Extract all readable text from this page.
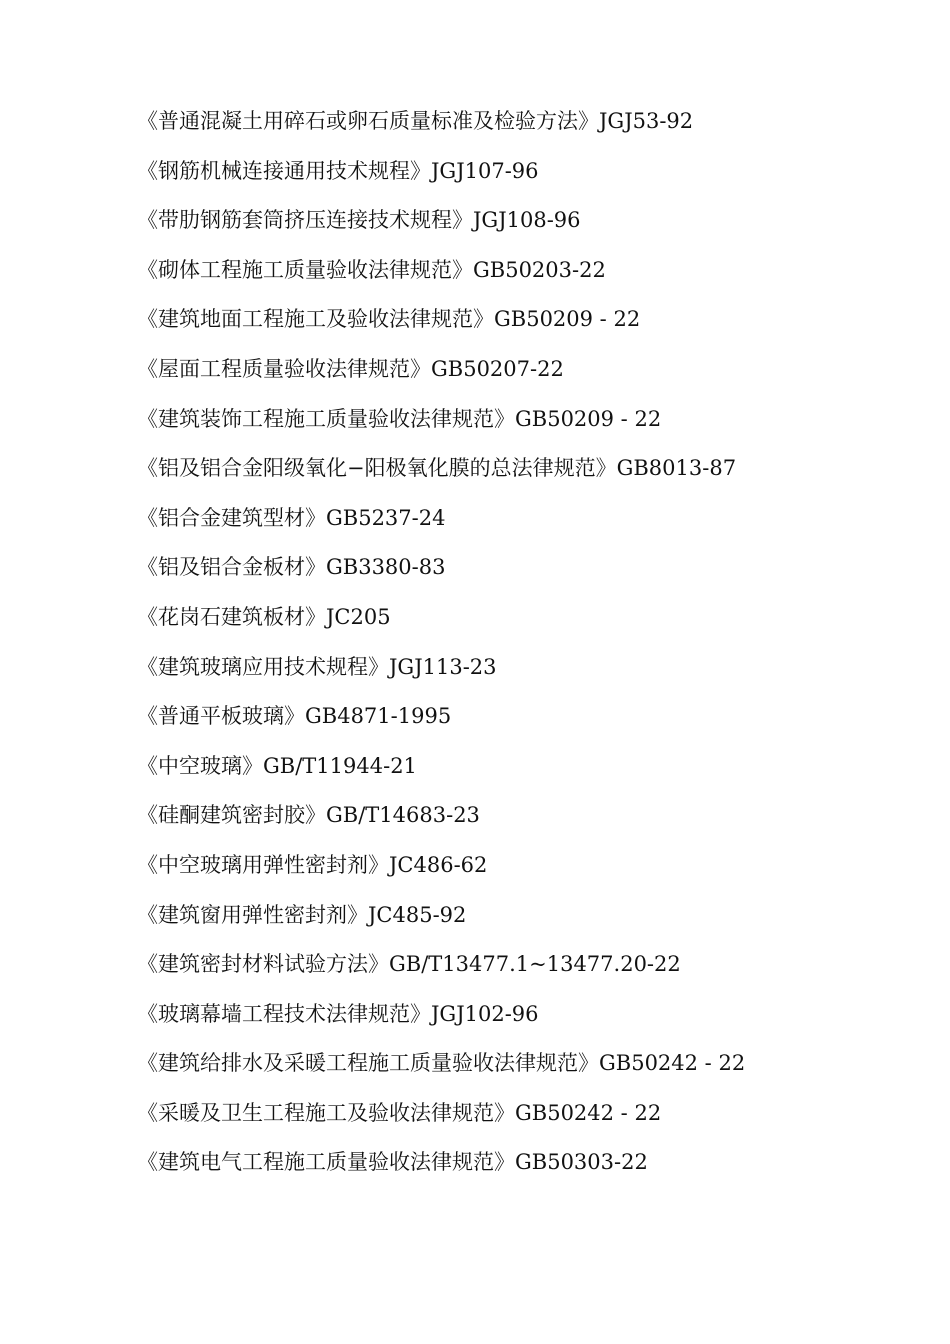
《普通混凝土用碎石或卵石质量标准及检验方法》JGJ53-92
《钢筋机械连接通用技术规程》JGJ107-96
《带肋钢筋套筒挤压连接技术规程》JGJ108-96
《砌体工程施工质量验收法律规范》GB50203-22
《建筑地面工程施工及验收法律规范》GB50209 - 22
《屋面工程质量验收法律规范》GB50207-22
《建筑装饰工程施工质量验收法律规范》GB50209 - 22
《铝及铝合金阳级氧化−阳极氧化膜的总法律规范》GB8013-87
《铝合金建筑型材》GB5237-24
《铝及铝合金板材》GB3380-83
《花岗石建筑板材》JC205
《建筑玻璃应用技术规程》JGJ113-23
《普通平板玻璃》GB4871-1995
《中空玻璃》GB/T11944-21
《硅酮建筑密封胶》GB/T14683-23
《中空玻璃用弹性密封剂》JC486-62
《建筑窗用弹性密封剂》JC485-92
《建筑密封材料试验方法》GB/T13477.1~13477.20-22
《玻璃幕墙工程技术法律规范》JGJ102-96
《建筑给排水及采暖工程施工质量验收法律规范》GB50242 - 22
《采暖及卫生工程施工及验收法律规范》GB50242 - 22
《建筑电气工程施工质量验收法律规范》GB50303-22
